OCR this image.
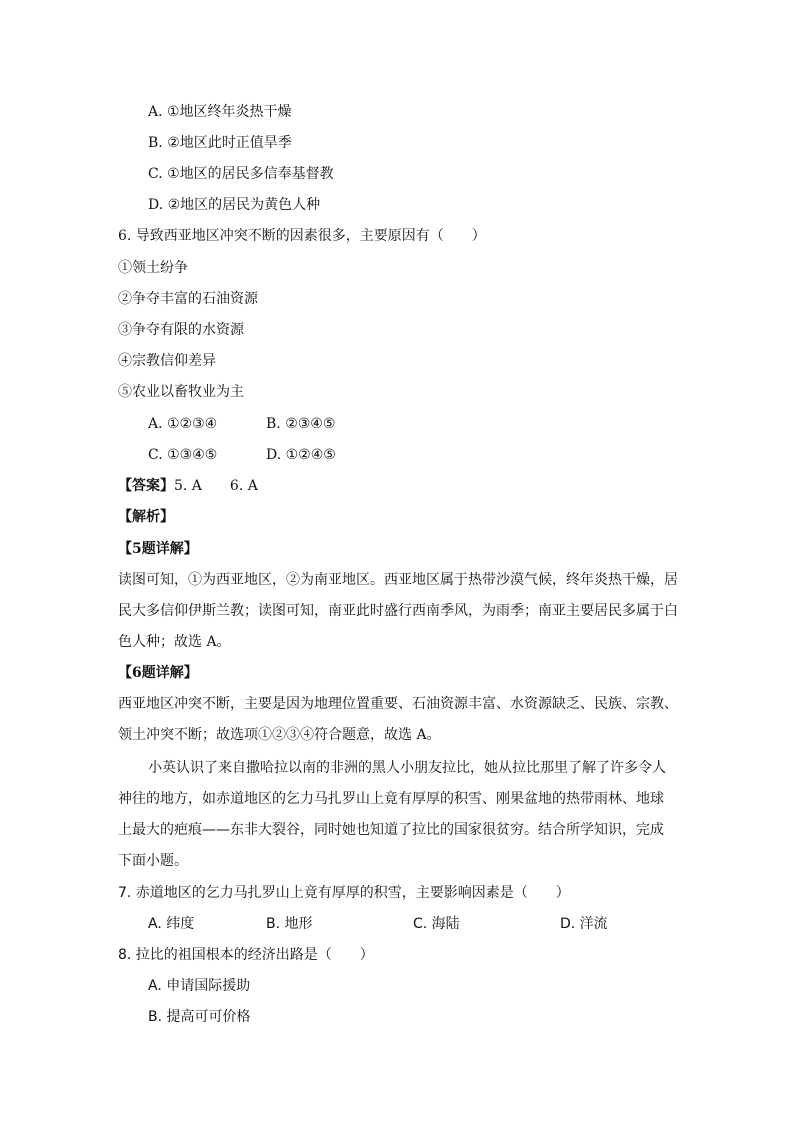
A. ①地区终年炎热干燥
B. ②地区此时正值旱季
C. ①地区的居民多信奉基督教
D. ②地区的居民为黄色人种
6. 导致西亚地区冲突不断的因素很多，主要原因有（　　）
①领土纷争
②争夺丰富的石油资源
③争夺有限的水资源
④宗教信仰差异
⑤农业以畜牧业为主
A. ①②③④	B. ②③④⑤
C. ①③④⑤	D. ①②④⑤
【答案】5. A　　6. A
【解析】
【5题详解】
读图可知，①为西亚地区，②为南亚地区。西亚地区属于热带沙漠气候，终年炎热干燥，居
民大多信仰伊斯兰教；读图可知，南亚此时盛行西南季风，为雨季；南亚主要居民多属于白
色人种；故选 A。
【6题详解】
西亚地区冲突不断，主要是因为地理位置重要、石油资源丰富、水资源缺乏、民族、宗教、
领土冲突不断；故选项①②③④符合题意，故选 A。
小英认识了来自撒哈拉以南的非洲的黑人小朋友拉比，她从拉比那里了解了许多令人
神往的地方，如赤道地区的乞力马扎罗山上竟有厚厚的积雪、刚果盆地的热带雨林、地球
上最大的疤痕——东非大裂谷，同时她也知道了拉比的国家很贫穷。结合所学知识，完成
下面小题。
7. 赤道地区的乞力马扎罗山上竟有厚厚的积雪，主要影响因素是（　　）
A. 纬度	B. 地形	C. 海陆	D. 洋流
8. 拉比的祖国根本的经济出路是（　　）
A. 申请国际援助
B. 提高可可价格
